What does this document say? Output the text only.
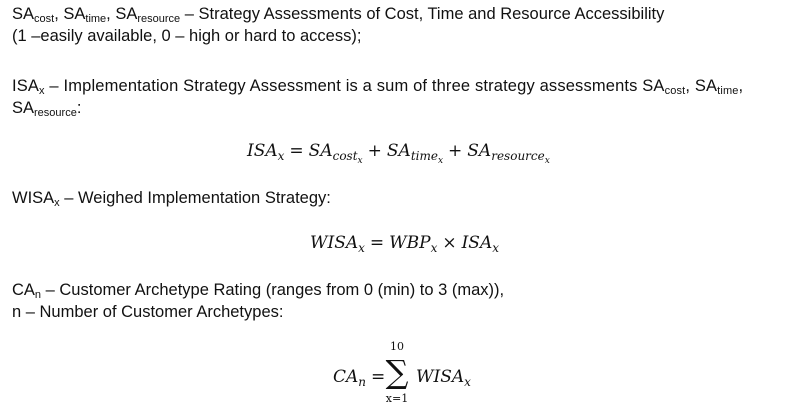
$SA_{cost}$, $SA_{time}$, $SA_{resource}$ – Strategy Assessments of Cost, Time and Resource Accessibility
(1 –easily available, 0 – high or hard to access);
$ISA_x$ – Implementation Strategy Assessment is a sum of three strategy assessments $SA_{cost}$, $SA_{time}$,
$SA_{resource}$:
$ISA_x = SA_{cost_x} + SA_{time_x} + SA_{resource_x}$
$WISA_x$ – Weighed Implementation Strategy:
$WISA_x = WBP_x \times ISA_x$
$CA_n$ – Customer Archetype Rating (ranges from 0 (min) to 3 (max)),
n – Number of Customer Archetypes:
$CA_n$ =
10
∑
x=1
$WISA_x$
